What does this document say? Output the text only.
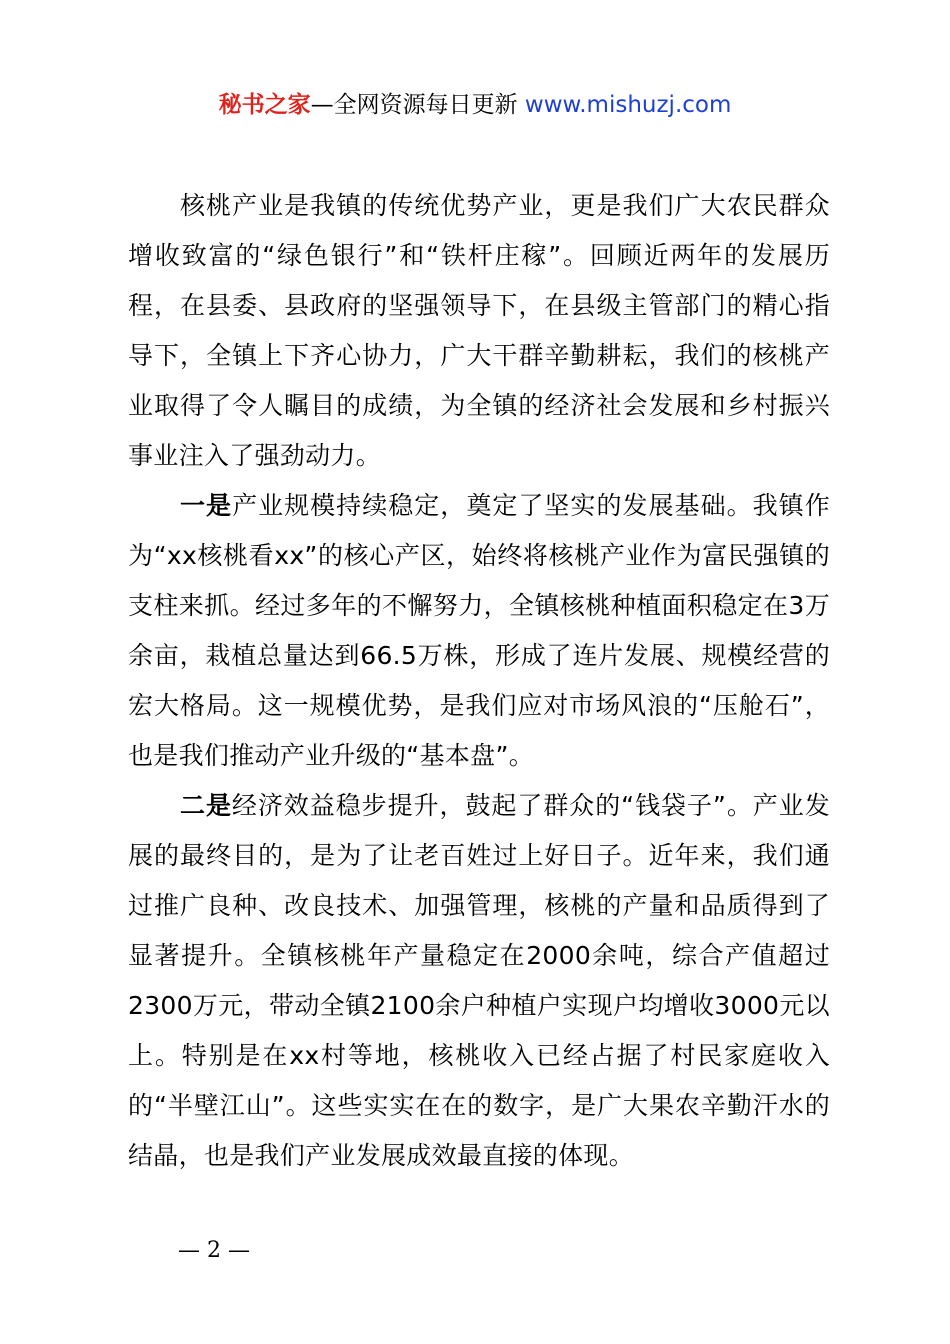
秘书之家—全网资源每日更新 www.mishuzj.com

核桃产业是我镇的传统优势产业，更是我们广大农民群众增收致富的“绿色银行”和“铁杆庄稼”。回顾近两年的发展历程，在县委、县政府的坚强领导下，在县级主管部门的精心指导下，全镇上下齐心协力，广大干群辛勤耕耘，我们的核桃产业取得了令人瞩目的成绩，为全镇的经济社会发展和乡村振兴事业注入了强劲动力。

一是产业规模持续稳定，奠定了坚实的发展基础。我镇作为“xx核桃看xx”的核心产区，始终将核桃产业作为富民强镇的支柱来抓。经过多年的不懈努力，全镇核桃种植面积稳定在3万余亩，栽植总量达到66.5万株，形成了连片发展、规模经营的宏大格局。这一规模优势，是我们应对市场风浪的“压舱石”，也是我们推动产业升级的“基本盘”。

二是经济效益稳步提升，鼓起了群众的“钱袋子”。产业发展的最终目的，是为了让老百姓过上好日子。近年来，我们通过推广良种、改良技术、加强管理，核桃的产量和品质得到了显著提升。全镇核桃年产量稳定在2000余吨，综合产值超过2300万元，带动全镇2100余户种植户实现户均增收3000元以上。特别是在xx村等地，核桃收入已经占据了村民家庭收入的“半壁江山”。这些实实在在的数字，是广大果农辛勤汗水的结晶，也是我们产业发展成效最直接的体现。

— 2 —
